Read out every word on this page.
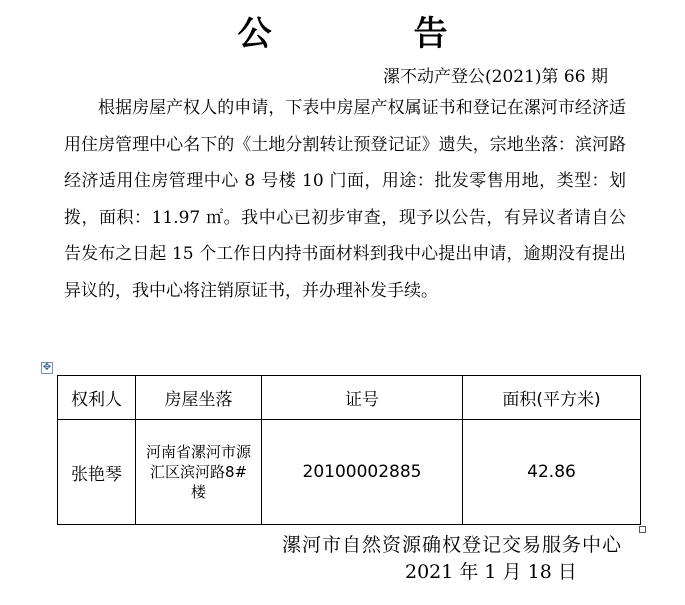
公　告
漯不动产登公(2021)第 66 期
根据房屋产权人的申请，下表中房屋产权属证书和登记在漯河市经济适用住房管理中心名下的《土地分割转让预登记证》遗失，宗地坐落：滨河路经济适用住房管理中心 8 号楼 10 门面，用途：批发零售用地，类型：划拨，面积：11.97 ㎡。我中心已初步审查，现予以公告，有异议者请自公告发布之日起 15 个工作日内持书面材料到我中心提出申请，逾期没有提出异议的，我中心将注销原证书，并办理补发手续。
✥
权利人	房屋坐落	证号	面积(平方米)
张艳琴	河南省漯河市源汇区滨河路8#楼	20100002885	42.86
漯河市自然资源确权登记交易服务中心
2021 年 1 月 18 日
